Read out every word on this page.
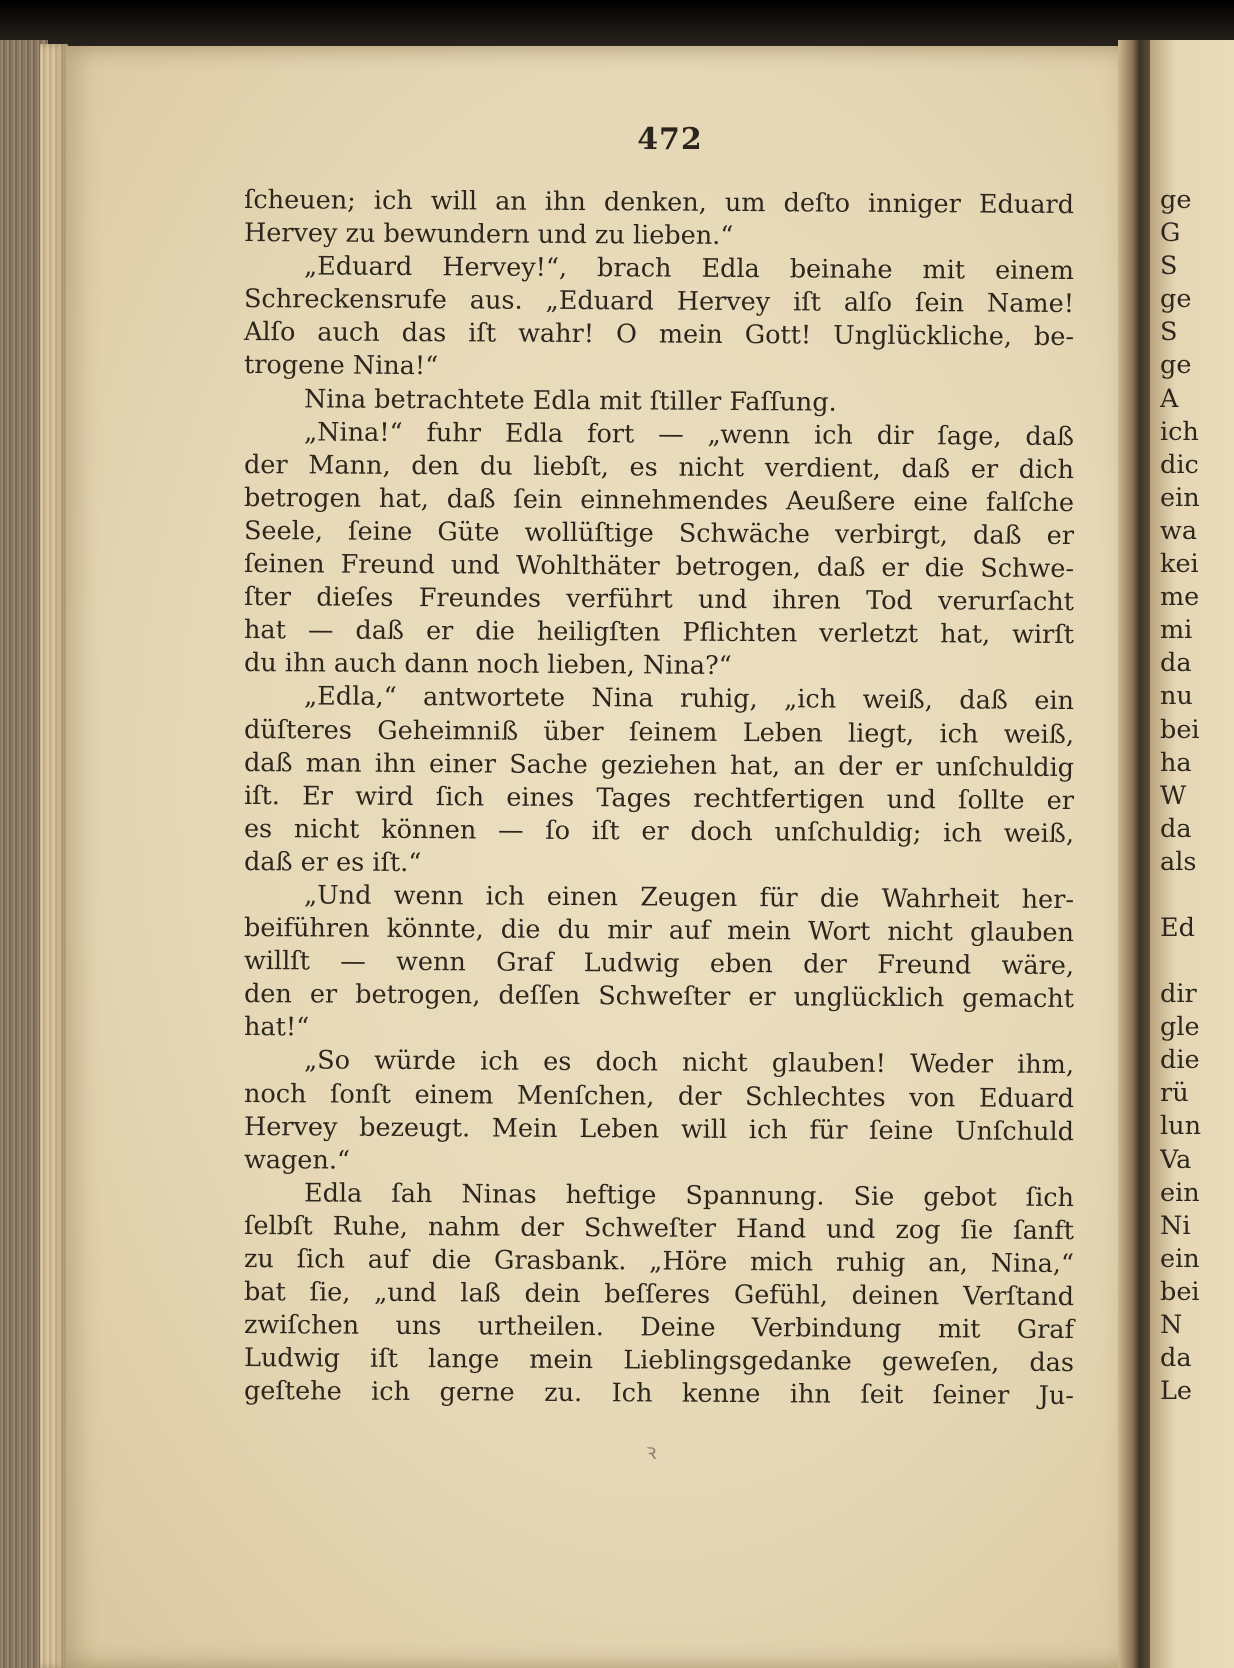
472
ſcheuen; ich will an ihn denken, um deſto inniger Eduard
Hervey zu bewundern und zu lieben.“
„Eduard Hervey!“, brach Edla beinahe mit einem
Schreckensrufe aus. „Eduard Hervey iſt alſo ſein Name!
Alſo auch das iſt wahr! O mein Gott! Unglückliche, be-
trogene Nina!“
Nina betrachtete Edla mit ſtiller Faſſung.
„Nina!“ fuhr Edla fort — „wenn ich dir ſage, daß
der Mann, den du liebſt, es nicht verdient, daß er dich
betrogen hat, daß ſein einnehmendes Aeußere eine falſche
Seele, ſeine Güte wollüſtige Schwäche verbirgt, daß er
ſeinen Freund und Wohlthäter betrogen, daß er die Schwe-
ſter dieſes Freundes verführt und ihren Tod verurſacht
hat — daß er die heiligſten Pflichten verletzt hat, wirſt
du ihn auch dann noch lieben, Nina?“
„Edla,“ antwortete Nina ruhig, „ich weiß, daß ein
düſteres Geheimniß über ſeinem Leben liegt, ich weiß,
daß man ihn einer Sache geziehen hat, an der er unſchuldig
iſt. Er wird ſich eines Tages rechtfertigen und ſollte er
es nicht können — ſo iſt er doch unſchuldig; ich weiß,
daß er es iſt.“
„Und wenn ich einen Zeugen für die Wahrheit her-
beiführen könnte, die du mir auf mein Wort nicht glauben
willſt — wenn Graf Ludwig eben der Freund wäre,
den er betrogen, deſſen Schweſter er unglücklich gemacht
hat!“
„So würde ich es doch nicht glauben! Weder ihm,
noch ſonſt einem Menſchen, der Schlechtes von Eduard
Hervey bezeugt. Mein Leben will ich für ſeine Unſchuld
wagen.“
Edla ſah Ninas heftige Spannung. Sie gebot ſich
ſelbſt Ruhe, nahm der Schweſter Hand und zog ſie ſanft
zu ſich auf die Grasbank. „Höre mich ruhig an, Nina,“
bat ſie, „und laß dein beſſeres Gefühl, deinen Verſtand
zwiſchen uns urtheilen. Deine Verbindung mit Graf
Ludwig iſt lange mein Lieblingsgedanke geweſen, das
geſtehe ich gerne zu. Ich kenne ihn ſeit ſeiner Ju-
ge
G
S
ge
S
ge
A
ich
dic
ein
wa
kei
me
mi
da
nu
bei
ha
W
da
als
Ed
dir
gle
die
rü
lun
Va
ein
Ni
ein
bei
N
da
Le
ꝛ
